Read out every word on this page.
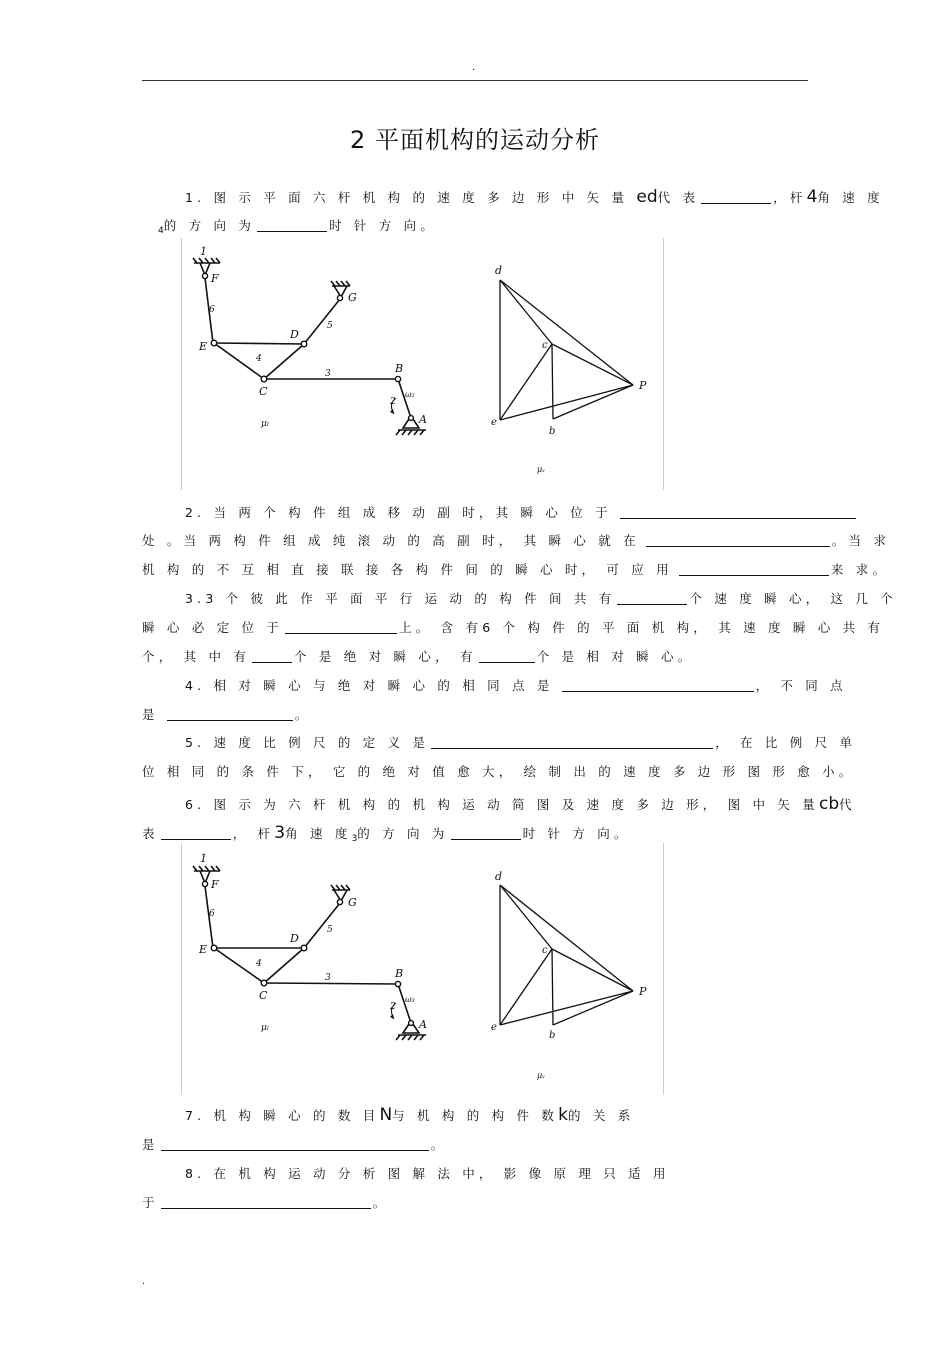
.
2 平面机构的运动分析
1. 图 示 平 面 六 杆 机 构 的 速 度 多 边 形 中 矢 量 ed代 表	，杆4角 速 度
$_4$的 方 向 为	时 针 方 向。
1
F
6
G
5
E
D
4
C
3	B
2
ω₂
A
μₗ
d
c
e
b
P
μᵥ
2. 当 两 个 构 件 组 成 移 动 副 时，其 瞬 心 位 于
处 。当 两 构 件 组 成 纯 滚 动 的 高 副 时， 其 瞬 心 就 在	。当 求
机 构 的 不 互 相 直 接 联 接 各 构 件 间 的 瞬 心 时， 可 应 用	来 求。
3.3 个 彼 此 作 平 面 平 行 运 动 的 构 件 间 共 有	个 速 度 瞬 心， 这 几 个
瞬 心 必 定 位 于	上。 含 有6 个 构 件 的 平 面 机 构， 其 速 度 瞬 心 共 有
个， 其 中 有	个 是 绝 对 瞬 心， 有	个 是 相 对 瞬 心。
4. 相 对 瞬 心 与 绝 对 瞬 心 的 相 同 点 是	， 不 同 点
是	。
5. 速 度 比 例 尺 的 定 义 是	， 在 比 例 尺 单
位 相 同 的 条 件 下， 它 的 绝 对 值 愈 大， 绘 制 出 的 速 度 多 边 形 图 形 愈 小。
6. 图 示 为 六 杆 机 构 的 机 构 运 动 简 图 及 速 度 多 边 形， 图 中 矢 量cb代
表	， 杆3角 速 度$_3$的 方 向 为	时 针 方 向。
1
F
6
G
5
E
D
4
C
3	B
2
ω₂
A
μₗ
d
c
e
b
P
μᵥ
7. 机 构 瞬 心 的 数 目N与 机 构 的 构 件 数k的 关 系
是	。
8. 在 机 构 运 动 分 析 图 解 法 中， 影 像 原 理 只 适 用
于	。
.
